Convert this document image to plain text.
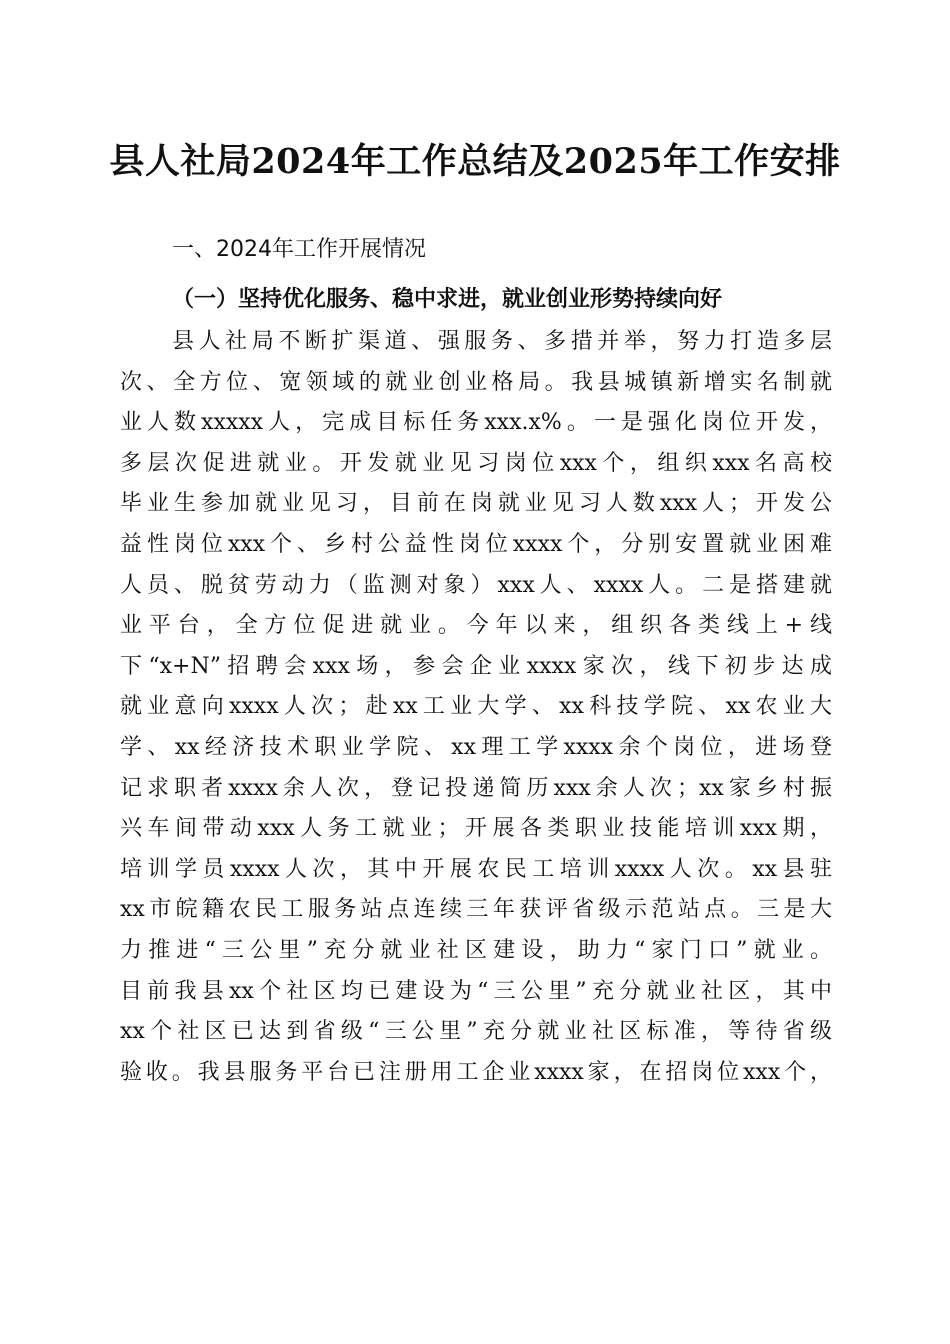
县人社局2024年工作总结及2025年工作安排
一、2024年工作开展情况
（一）坚持优化服务、稳中求进，就业创业形势持续向好
县人社局不断扩渠道、强服务、多措并举，努力打造多层
次、全方位、宽领域的就业创业格局。我县城镇新增实名制就
业人数xxxxx人，完成目标任务xxx.x%。一是强化岗位开发，
多层次促进就业。开发就业见习岗位xxx个，组织xxx名高校
毕业生参加就业见习，目前在岗就业见习人数xxx人；开发公
益性岗位xxx个、乡村公益性岗位xxxx个，分别安置就业困难
人员、脱贫劳动力（监测对象）xxx人、xxxx人。二是搭建就
业平台，全方位促进就业。今年以来，组织各类线上+线
下“x+N”招聘会xxx场，参会企业xxxx家次，线下初步达成
就业意向xxxx人次；赴xx工业大学、xx科技学院、xx农业大
学、xx经济技术职业学院、xx理工学xxxx余个岗位，进场登
记求职者xxxx余人次，登记投递简历xxx余人次；xx家乡村振
兴车间带动xxx人务工就业；开展各类职业技能培训xxx期，
培训学员xxxx人次，其中开展农民工培训xxxx人次。xx县驻
xx市皖籍农民工服务站点连续三年获评省级示范站点。三是大
力推进“三公里”充分就业社区建设，助力“家门口”就业。
目前我县xx个社区均已建设为“三公里”充分就业社区，其中
xx个社区已达到省级“三公里”充分就业社区标准，等待省级
验收。我县服务平台已注册用工企业xxxx家，在招岗位xxx个，
